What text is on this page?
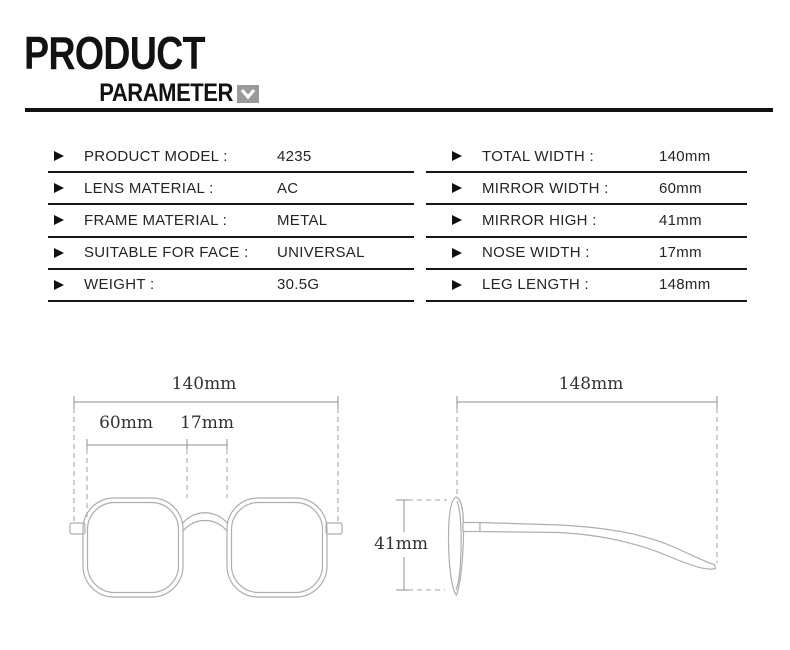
PRODUCT
PARAMETER
PRODUCT MODEL :	4235
LENS MATERIAL :	AC
FRAME MATERIAL :	METAL
SUITABLE FOR FACE : UNIVERSAL
WEIGHT :	30.5G
TOTAL WIDTH :	140mm
MIRROR WIDTH :	60mm
MIRROR HIGH :	41mm
NOSE WIDTH :	17mm
LEG LENGTH :	148mm
140mm
60mm 17mm
148mm
41mm
